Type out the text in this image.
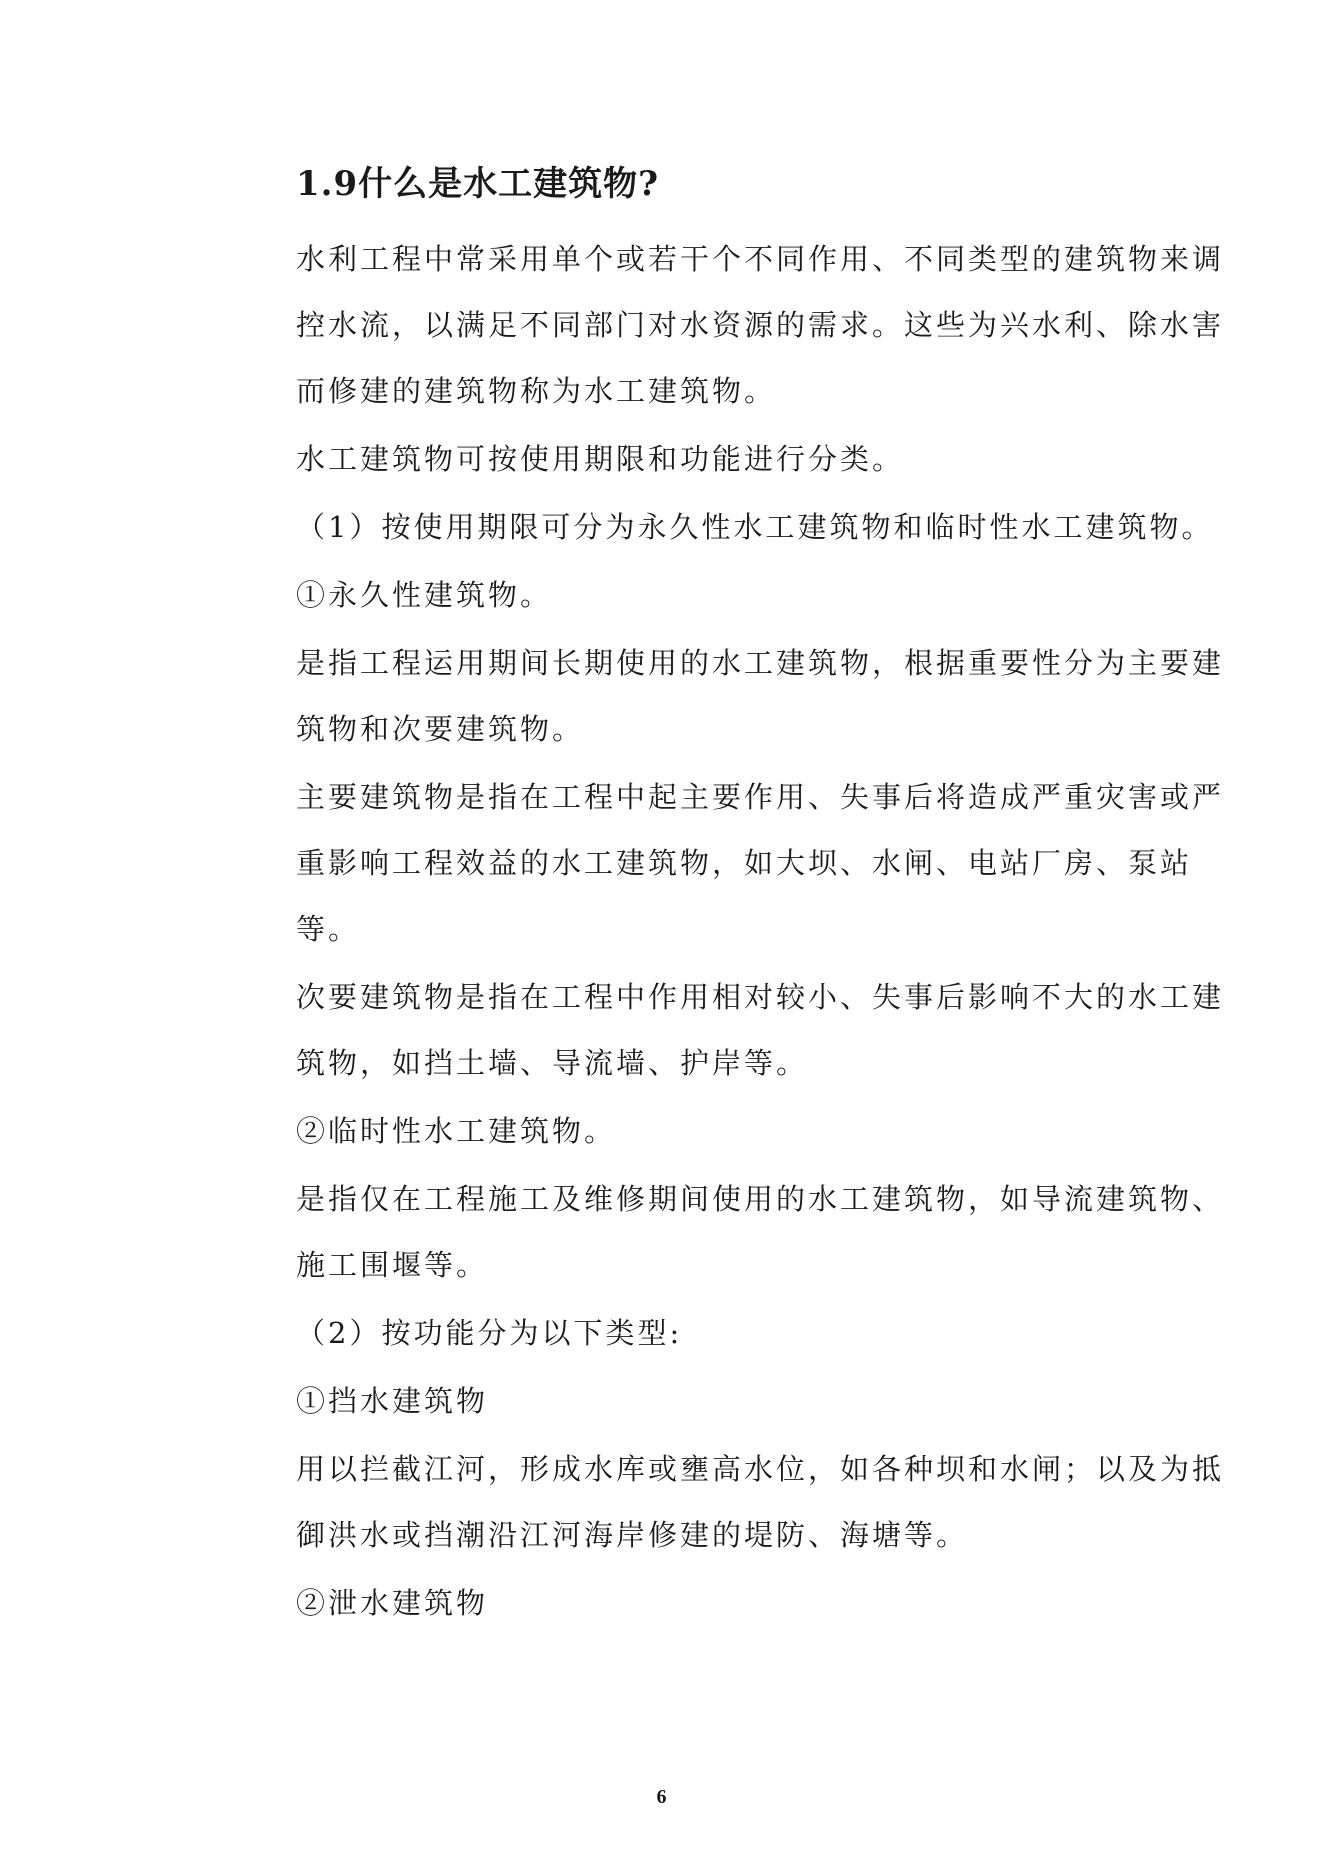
1.9什么是水工建筑物?
水利工程中常采用单个或若干个不同作用、不同类型的建筑物来调控水流，以满足不同部门对水资源的需求。这些为兴水利、除水害而修建的建筑物称为水工建筑物。
水工建筑物可按使用期限和功能进行分类。
（1）按使用期限可分为永久性水工建筑物和临时性水工建筑物。
①永久性建筑物。
是指工程运用期间长期使用的水工建筑物，根据重要性分为主要建筑物和次要建筑物。
主要建筑物是指在工程中起主要作用、失事后将造成严重灾害或严重影响工程效益的水工建筑物，如大坝、水闸、电站厂房、泵站等。
次要建筑物是指在工程中作用相对较小、失事后影响不大的水工建筑物，如挡土墙、导流墙、护岸等。
②临时性水工建筑物。
是指仅在工程施工及维修期间使用的水工建筑物，如导流建筑物、施工围堰等。
（2）按功能分为以下类型:
①挡水建筑物
用以拦截江河，形成水库或壅高水位，如各种坝和水闸；以及为抵御洪水或挡潮沿江河海岸修建的堤防、海塘等。
②泄水建筑物
6
